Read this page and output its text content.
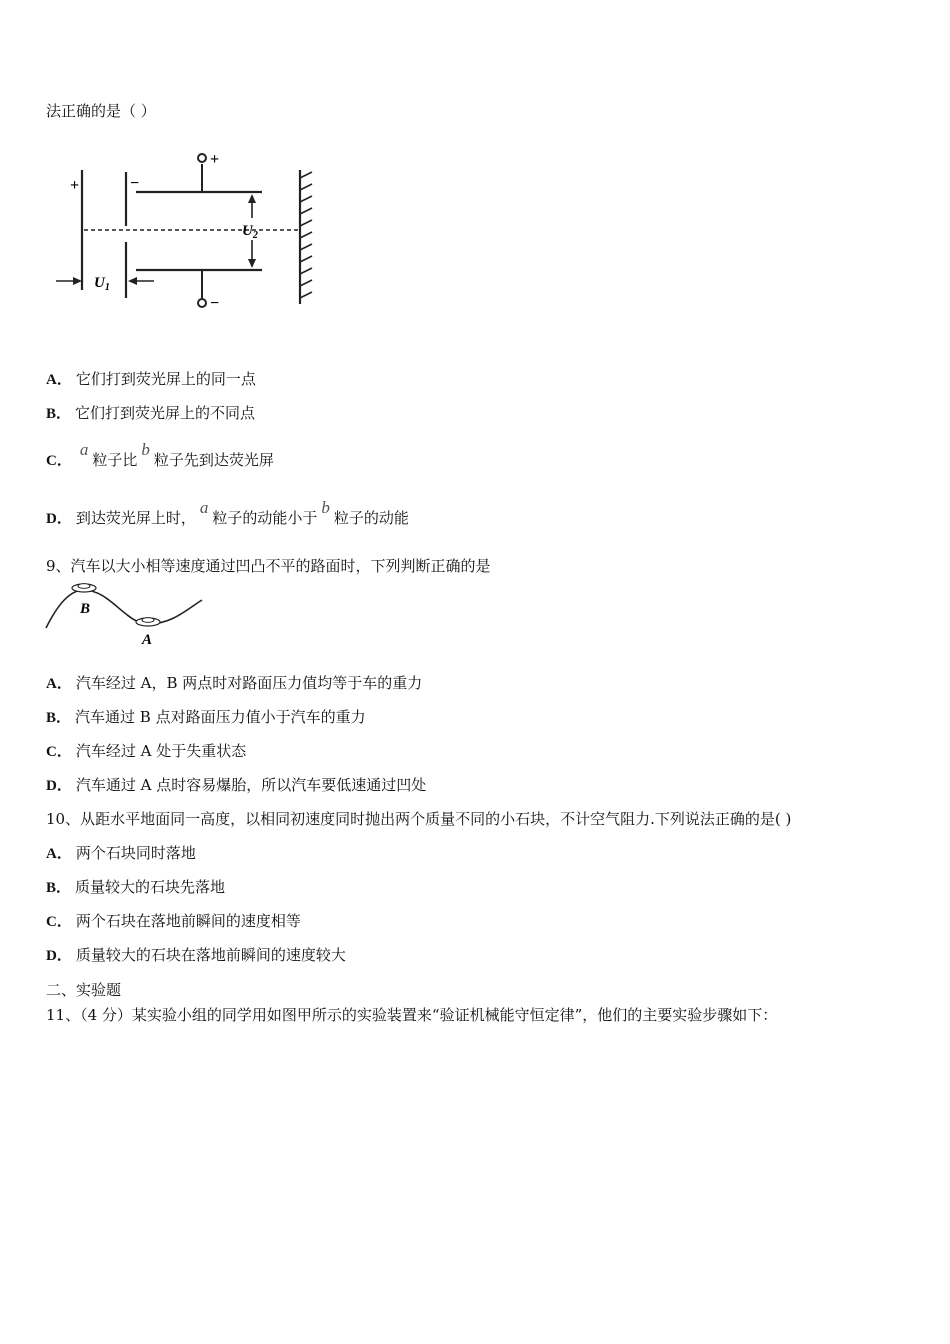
法正确的是（ ）
+	−
+
−
$U_2$
$U_1$
A． 它们打到荧光屏上的同一点
B． 它们打到荧光屏上的不同点
C．a粒子比b粒子先到达荧光屏
D． 到达荧光屏上时，a粒子的动能小于b粒子的动能
9、汽车以大小相等速度通过凹凸不平的路面时，下列判断正确的是
B
A
A． 汽车经过 A，B 两点时对路面压力值均等于车的重力
B． 汽车通过 B 点对路面压力值小于汽车的重力
C． 汽车经过 A 处于失重状态
D． 汽车通过 A 点时容易爆胎，所以汽车要低速通过凹处
10、从距水平地面同一高度，以相同初速度同时抛出两个质量不同的小石块，不计空气阻力.下列说法正确的是( )
A． 两个石块同时落地
B． 质量较大的石块先落地
C． 两个石块在落地前瞬间的速度相等
D． 质量较大的石块在落地前瞬间的速度较大
二、实验题
11、（4 分）某实验小组的同学用如图甲所示的实验装置来“验证机械能守恒定律”，他们的主要实验步骤如下：
